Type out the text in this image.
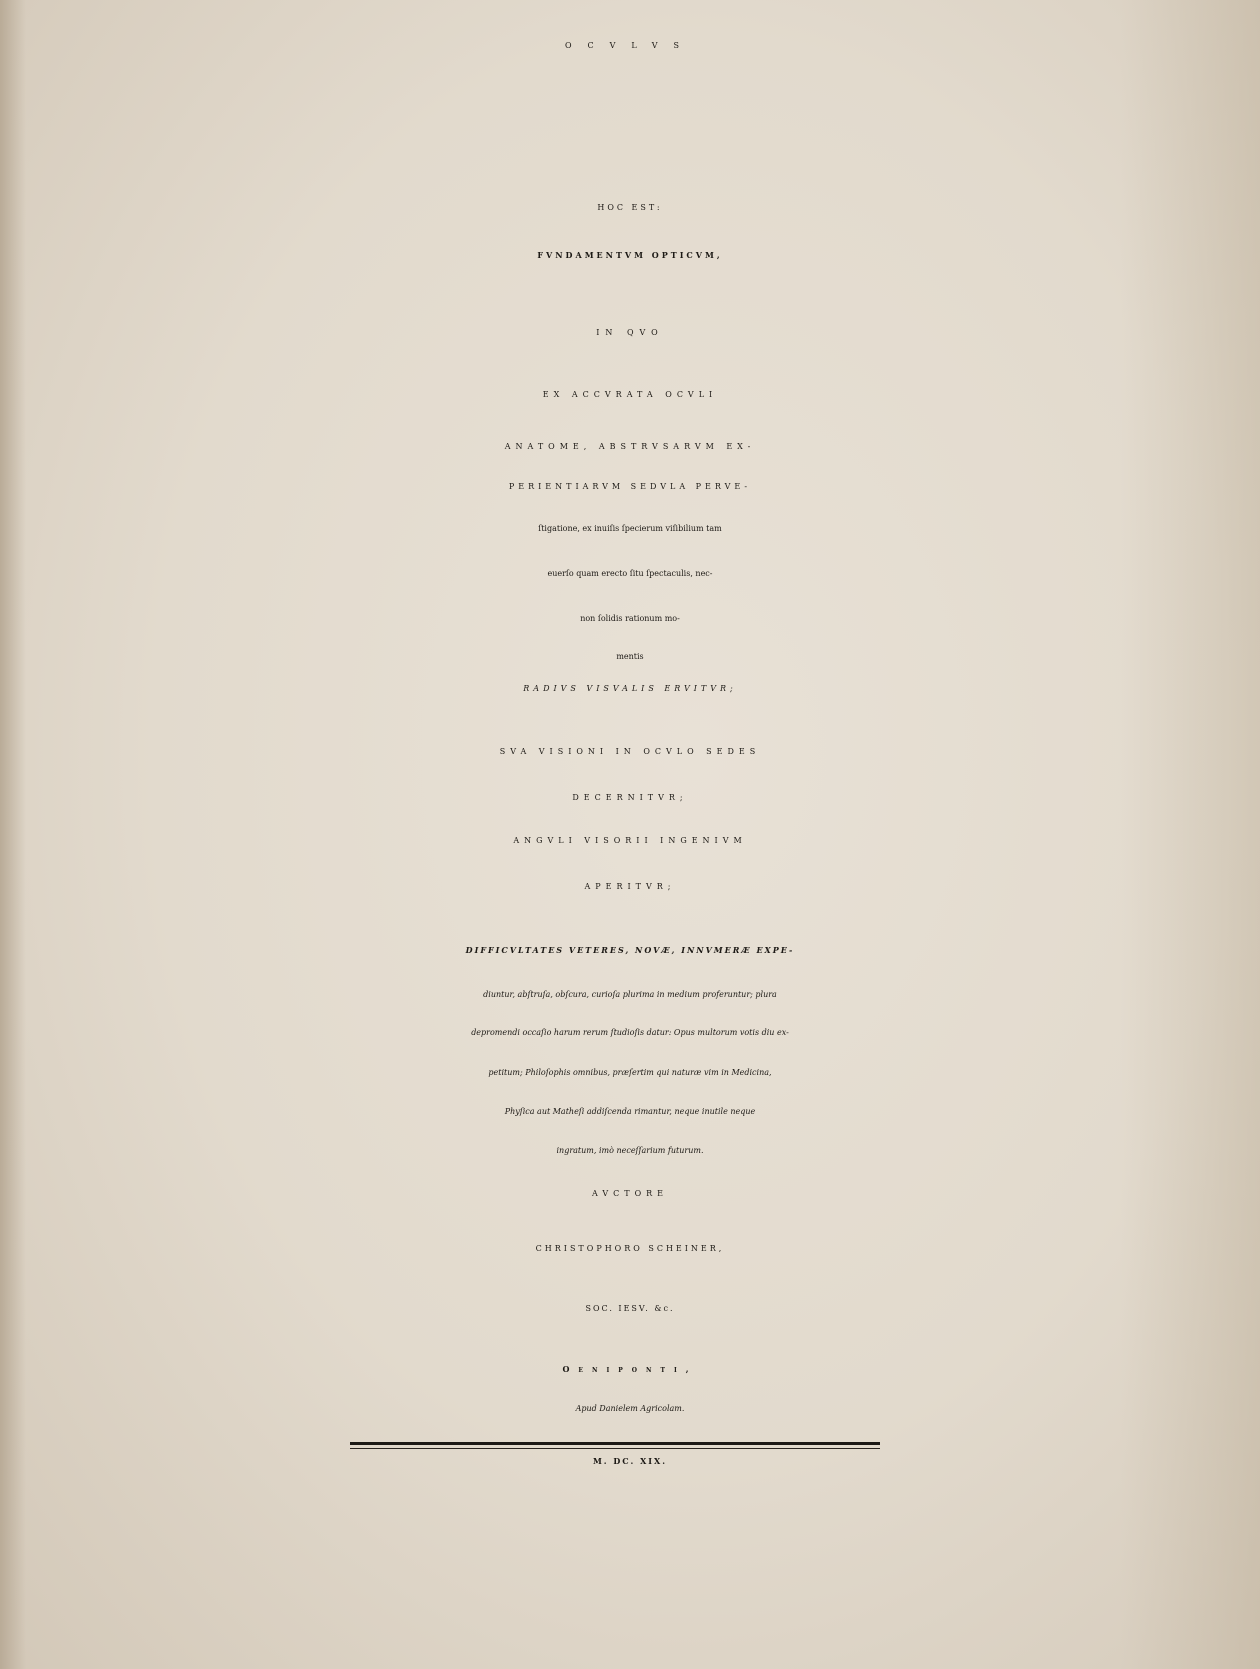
OCVLVS
HOC EST:
FVNDAMENTVM OPTICVM,
IN QVO
EX ACCVRATA OCVLI
ANATOME, ABSTRVSARVM EX-
PERIENTIARVM SEDVLA PERVE-
ſtigatione, ex inuiſis ſpecierum viſibilium tam
euerſo quam erecto ſitu ſpectaculis, nec-
non ſolidis rationum mo-
mentis
RADIVS VISVALIS ERVITVR;
SVA VISIONI IN OCVLO SEDES
DECERNITVR;
ANGVLI VISORII INGENIVM
APERITVR;
DIFFICVLTATES VETERES, NOVÆ, INNVMERÆ EXPE-
diuntur, abſtruſa, obſcura, curioſa plurima in medium proferuntur; plura
depromendi occaſio harum rerum ſtudioſis datur: Opus multorum votis diu ex-
petitum; Philoſophis omnibus, præſertim qui naturæ vim in Medicina,
Phyſica aut Matheſi addiſcenda rimantur, neque inutile neque
ingratum, imò neceſſarium futurum.
AVCTORE
CHRISTOPHORO SCHEINER,
SOC. IESV. &c.
Oeniponti,
Apud Danielem Agricolam.
M. DC. XIX.
